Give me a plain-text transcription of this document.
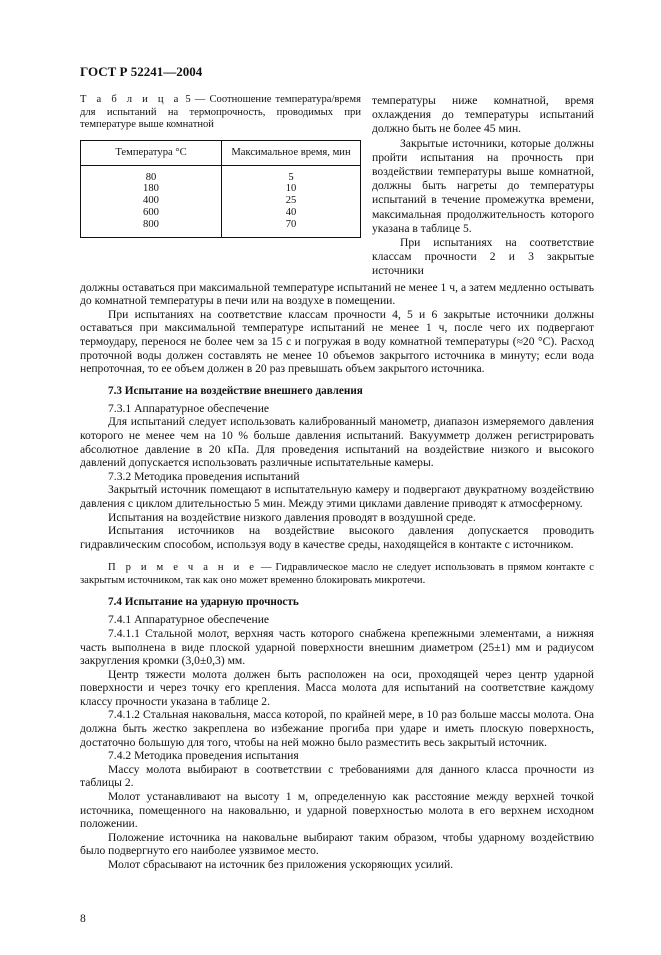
ГОСТ Р 52241—2004
Т а б л и ц а 5 — Соотношение температура/время для испытаний на термопрочность, проводимых при температуре выше комнатной
Температура °С	Максимальное время, мин
80	5
180	10
400	25
600	40
800	70

температуры ниже комнатной, время охлаждения до температуры испытаний должно быть не более 45 мин.

Закрытые источники, которые должны пройти испытания на прочность при воздействии температуры выше комнатной, должны быть нагреты до температуры испытаний в течение промежутка времени, максимальная продолжительность которого указана в таблице 5.

При испытаниях на соответствие классам прочности 2 и 3 закрытые источники

должны оставаться при максимальной температуре испытаний не менее 1 ч, а затем медленно остывать до комнатной температуры в печи или на воздухе в помещении.

При испытаниях на соответствие классам прочности 4, 5 и 6 закрытые источники должны оставаться при максимальной температуре испытаний не менее 1 ч, после чего их подвергают термоудару, перенося не более чем за 15 с и погружая в воду комнатной температуры (≈20 °С). Расход проточной воды должен составлять не менее 10 объемов закрытого источника в минуту; если вода непроточная, то ее объем должен в 20 раз превышать объем закрытого источника.

7.3 Испытание на воздействие внешнего давления

7.3.1 Аппаратурное обеспечение

Для испытаний следует использовать калиброванный манометр, диапазон измеряемого давления которого не менее чем на 10 % больше давления испытаний. Вакуумметр должен регистрировать абсолютное давление в 20 кПа. Для проведения испытаний на воздействие низкого и высокого давлений допускается использовать различные испытательные камеры.

7.3.2 Методика проведения испытаний

Закрытый источник помещают в испытательную камеру и подвергают двукратному воздействию давления с циклом длительностью 5 мин. Между этими циклами давление приводят к атмосферному.

Испытания на воздействие низкого давления проводят в воздушной среде.

Испытания источников на воздействие высокого давления допускается проводить гидравлическим способом, используя воду в качестве среды, находящейся в контакте с источником.

П р и м е ч а н и е — Гидравлическое масло не следует использовать в прямом контакте с закрытым источником, так как оно может временно блокировать микротечи.

7.4 Испытание на ударную прочность

7.4.1 Аппаратурное обеспечение

7.4.1.1 Стальной молот, верхняя часть которого снабжена крепежными элементами, а нижняя часть выполнена в виде плоской ударной поверхности внешним диаметром (25±1) мм и радиусом закругления кромки (3,0±0,3) мм.

Центр тяжести молота должен быть расположен на оси, проходящей через центр ударной поверхности и через точку его крепления. Масса молота для испытаний на соответствие каждому классу прочности указана в таблице 2.

7.4.1.2 Стальная наковальня, масса которой, по крайней мере, в 10 раз больше массы молота. Она должна быть жестко закреплена во избежание прогиба при ударе и иметь плоскую поверхность, достаточно большую для того, чтобы на ней можно было разместить весь закрытый источник.

7.4.2 Методика проведения испытания

Массу молота выбирают в соответствии с требованиями для данного класса прочности из таблицы 2.

Молот устанавливают на высоту 1 м, определенную как расстояние между верхней точкой источника, помещенного на наковальню, и ударной поверхностью молота в его верхнем исходном положении.

Положение источника на наковальне выбирают таким образом, чтобы ударному воздействию было подвергнуто его наиболее уязвимое место.

Молот сбрасывают на источник без приложения ускоряющих усилий.

8
